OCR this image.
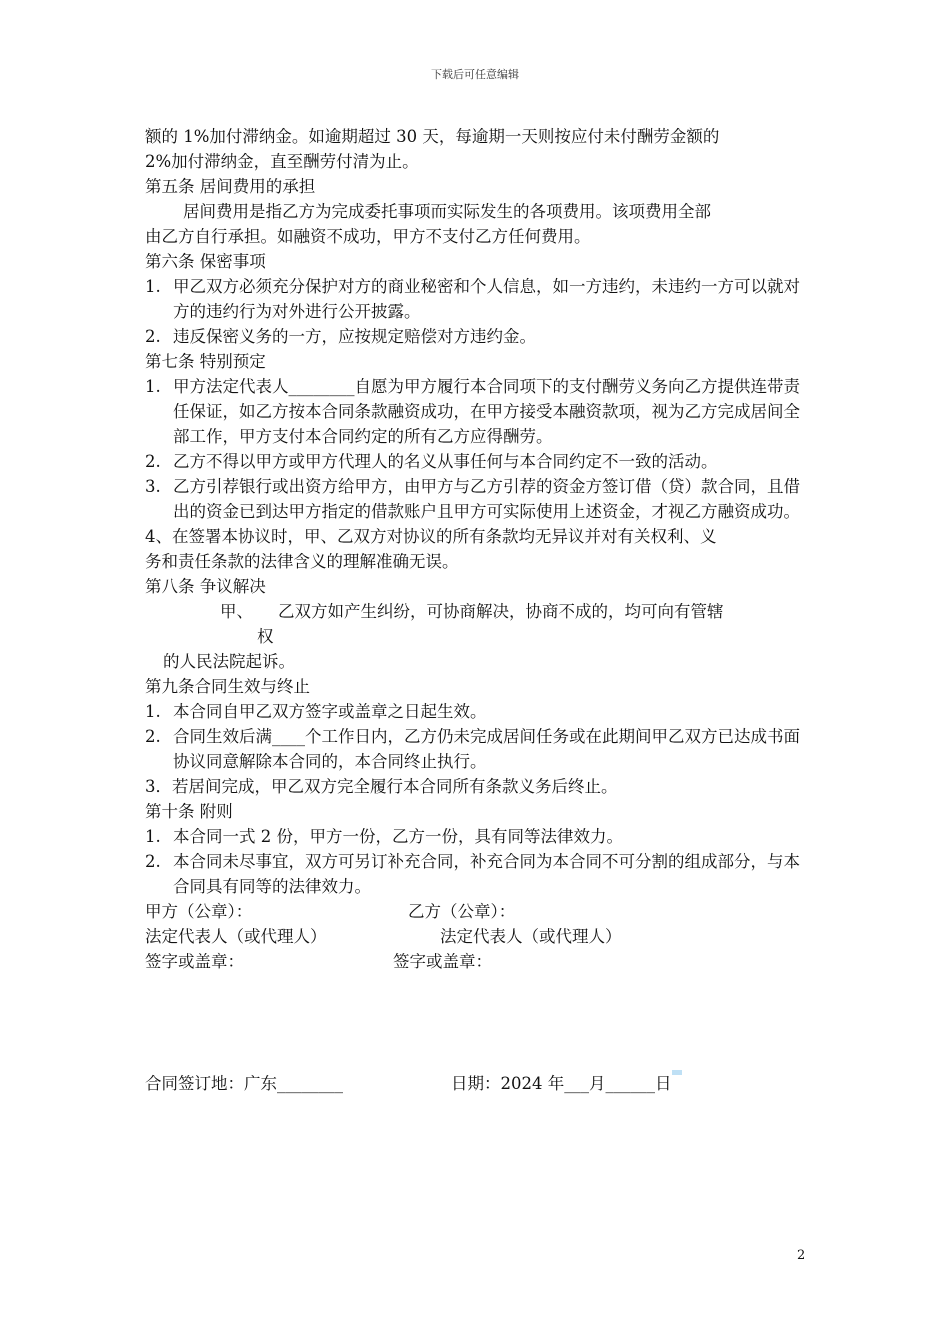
下载后可任意编辑

额的 1%加付滞纳金。如逾期超过 30 天，每逾期一天则按应付未付酬劳金额的

2%加付滞纳金，直至酬劳付清为止。

第五条 居间费用的承担

居间费用是指乙方为完成委托事项而实际发生的各项费用。该项费用全部

由乙方自行承担。如融资不成功，甲方不支付乙方任何费用。

第六条 保密事项

1. 甲乙双方必须充分保护对方的商业秘密和个人信息，如一方违约，未违约一方可以就对方的违约行为对外进行公开披露。
2. 违反保密义务的一方，应按规定赔偿对方违约金。

第七条 特别预定

1. 甲方法定代表人________自愿为甲方履行本合同项下的支付酬劳义务向乙方提供连带责任保证，如乙方按本合同条款融资成功，在甲方接受本融资款项，视为乙方完成居间全部工作，甲方支付本合同约定的所有乙方应得酬劳。
2. 乙方不得以甲方或甲方代理人的名义从事任何与本合同约定不一致的活动。
3. 乙方引荐银行或出资方给甲方，由甲方与乙方引荐的资金方签订借（贷）款合同，且借出的资金已到达甲方指定的借款账户且甲方可实际使用上述资金，才视乙方融资成功。

4、在签署本协议时，甲、乙双方对协议的所有条款均无异议并对有关权利、义

务和责任条款的法律含义的理解准确无误。

第八条 争议解决

甲、 乙双方如产生纠纷，可协商解决，协商不成的，均可向有管辖

权

的人民法院起诉。

第九条合同生效与终止

1. 本合同自甲乙双方签字或盖章之日起生效。
2. 合同生效后满____个工作日内，乙方仍未完成居间任务或在此期间甲乙双方已达成书面协议同意解除本合同的，本合同终止执行。

3．若居间完成，甲乙双方完全履行本合同所有条款义务后终止。

第十条 附则

1. 本合同一式 2 份，甲方一份，乙方一份，具有同等法律效力。
2. 本合同未尽事宜，双方可另订补充合同，补充合同为本合同不可分割的组成部分，与本合同具有同等的法律效力。
甲方（公章）：	乙方（公章）：
法定代表人（或代理人）	法定代表人（或代理人）
签字或盖章：	签字或盖章：
合同签订地：广东________	日期：2024 年___月______日
2
